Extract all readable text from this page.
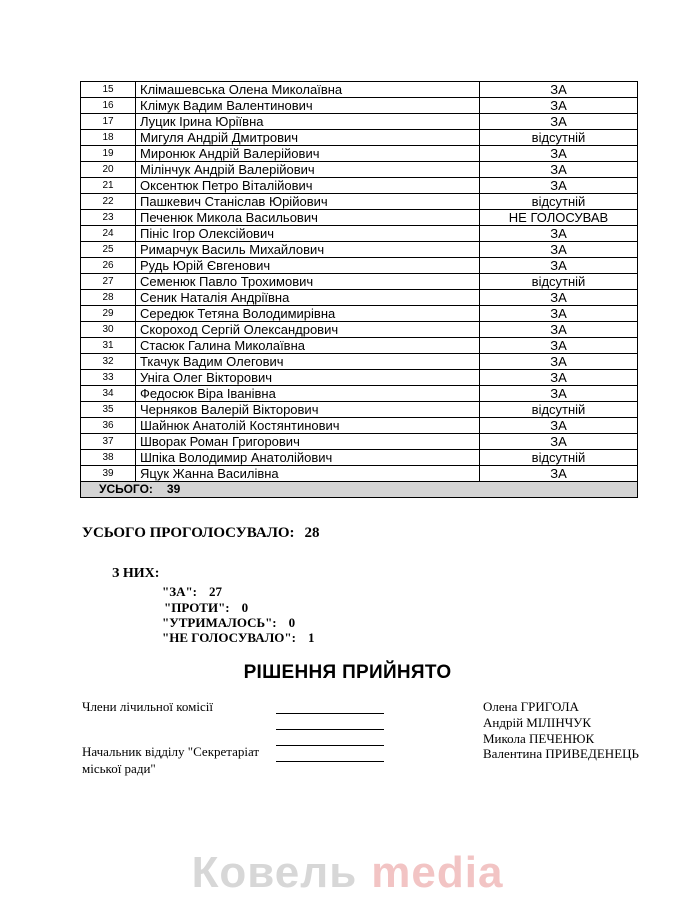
15	Клімашевська Олена Миколаївна	ЗА
16	Клімук Вадим Валентинович	ЗА
17	Луцик Ірина Юріївна	ЗА
18	Мигуля Андрій Дмитрович	відсутній
19	Миронюк Андрій Валерійович	ЗА
20	Мілінчук Андрій Валерійович	ЗА
21	Оксентюк Петро Віталійович	ЗА
22	Пашкевич Станіслав Юрійович	відсутній
23	Печенюк Микола Васильович	НЕ ГОЛОСУВАВ
24	Пініс Ігор Олексійович	ЗА
25	Римарчук Василь Михайлович	ЗА
26	Рудь Юрій Євгенович	ЗА
27	Семенюк Павло Трохимович	відсутній
28	Сеник Наталія Андріївна	ЗА
29	Середюк Тетяна Володимирівна	ЗА
30	Скороход Сергій Олександрович	ЗА
31	Стасюк Галина Миколаївна	ЗА
32	Ткачук Вадим Олегович	ЗА
33	Уніга Олег Вікторович	ЗА
34	Федосюк Віра Іванівна	ЗА
35	Черняков Валерій Вікторович	відсутній
36	Шайнюк Анатолій Костянтинович	ЗА
37	Шворак Роман Григорович	ЗА
38	Шпіка Володимир Анатолійович	відсутній
39	Яцук Жанна Василівна	ЗА
УСЬОГО: 39		
УСЬОГО ПРОГОЛОСУВАЛО: 28
З НИХ:
"ЗА": 27
"ПРОТИ": 0
"УТРИМАЛОСЬ": 0
"НЕ ГОЛОСУВАЛО": 1
РІШЕННЯ ПРИЙНЯТО
Члени лічильної комісії
Начальник відділу "Секретаріат
міської ради"
Олена ГРИГОЛА
Андрій МІЛІНЧУК
Микола ПЕЧЕНЮК
Валентина ПРИВЕДЕНЕЦЬ
Ковель media
